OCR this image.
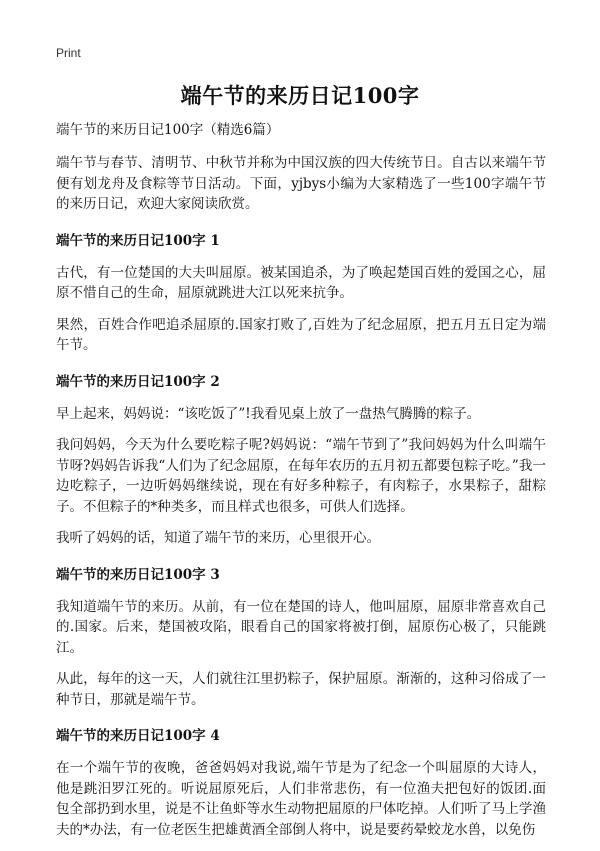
Print
端午节的来历日记100字
端午节的来历日记100字（精选6篇）

端午节与春节、清明节、中秋节并称为中国汉族的四大传统节日。自古以来端午节便有划龙舟及食粽等节日活动。下面，yjbys小编为大家精选了一些100字端午节的来历日记，欢迎大家阅读欣赏。

端午节的来历日记100字 1

古代，有一位楚国的大夫叫屈原。被某国追杀，为了唤起楚国百姓的爱国之心，屈原不惜自己的生命，屈原就跳进大江以死来抗争。

果然，百姓合作吧追杀屈原的.国家打败了,百姓为了纪念屈原，把五月五日定为端午节。

端午节的来历日记100字 2

早上起来，妈妈说：“该吃饭了”!我看见桌上放了一盘热气腾腾的粽子。

我问妈妈，今天为什么要吃粽子呢?妈妈说：“端午节到了”我问妈妈为什么叫端午节呀?妈妈告诉我“人们为了纪念屈原，在每年农历的五月初五都要包粽子吃。”我一边吃粽子，一边听妈妈继续说，现在有好多种粽子，有肉粽子，水果粽子，甜粽子。不但粽子的*种类多，而且样式也很多，可供人们选择。

我听了妈妈的话，知道了端午节的来历，心里很开心。

端午节的来历日记100字 3

我知道端午节的来历。从前，有一位在楚国的诗人，他叫屈原，屈原非常喜欢自己的.国家。后来，楚国被攻陷，眼看自己的国家将被打倒，屈原伤心极了，只能跳江。

从此，每年的这一天，人们就往江里扔粽子，保护屈原。渐渐的，这种习俗成了一种节日，那就是端午节。

端午节的来历日记100字 4

在一个端午节的夜晚，爸爸妈妈对我说,端午节是为了纪念一个叫屈原的大诗人，他是跳汨罗江死的。听说屈原死后，人们非常悲伤，有一位渔夫把包好的饭团.面包全部扔到水里，说是不让鱼虾等水生动物把屈原的尸体吃掉。人们听了马上学渔夫的*办法，有一位老医生把雄黄酒全部倒人将中，说是要药晕蛟龙水兽，以免伤
